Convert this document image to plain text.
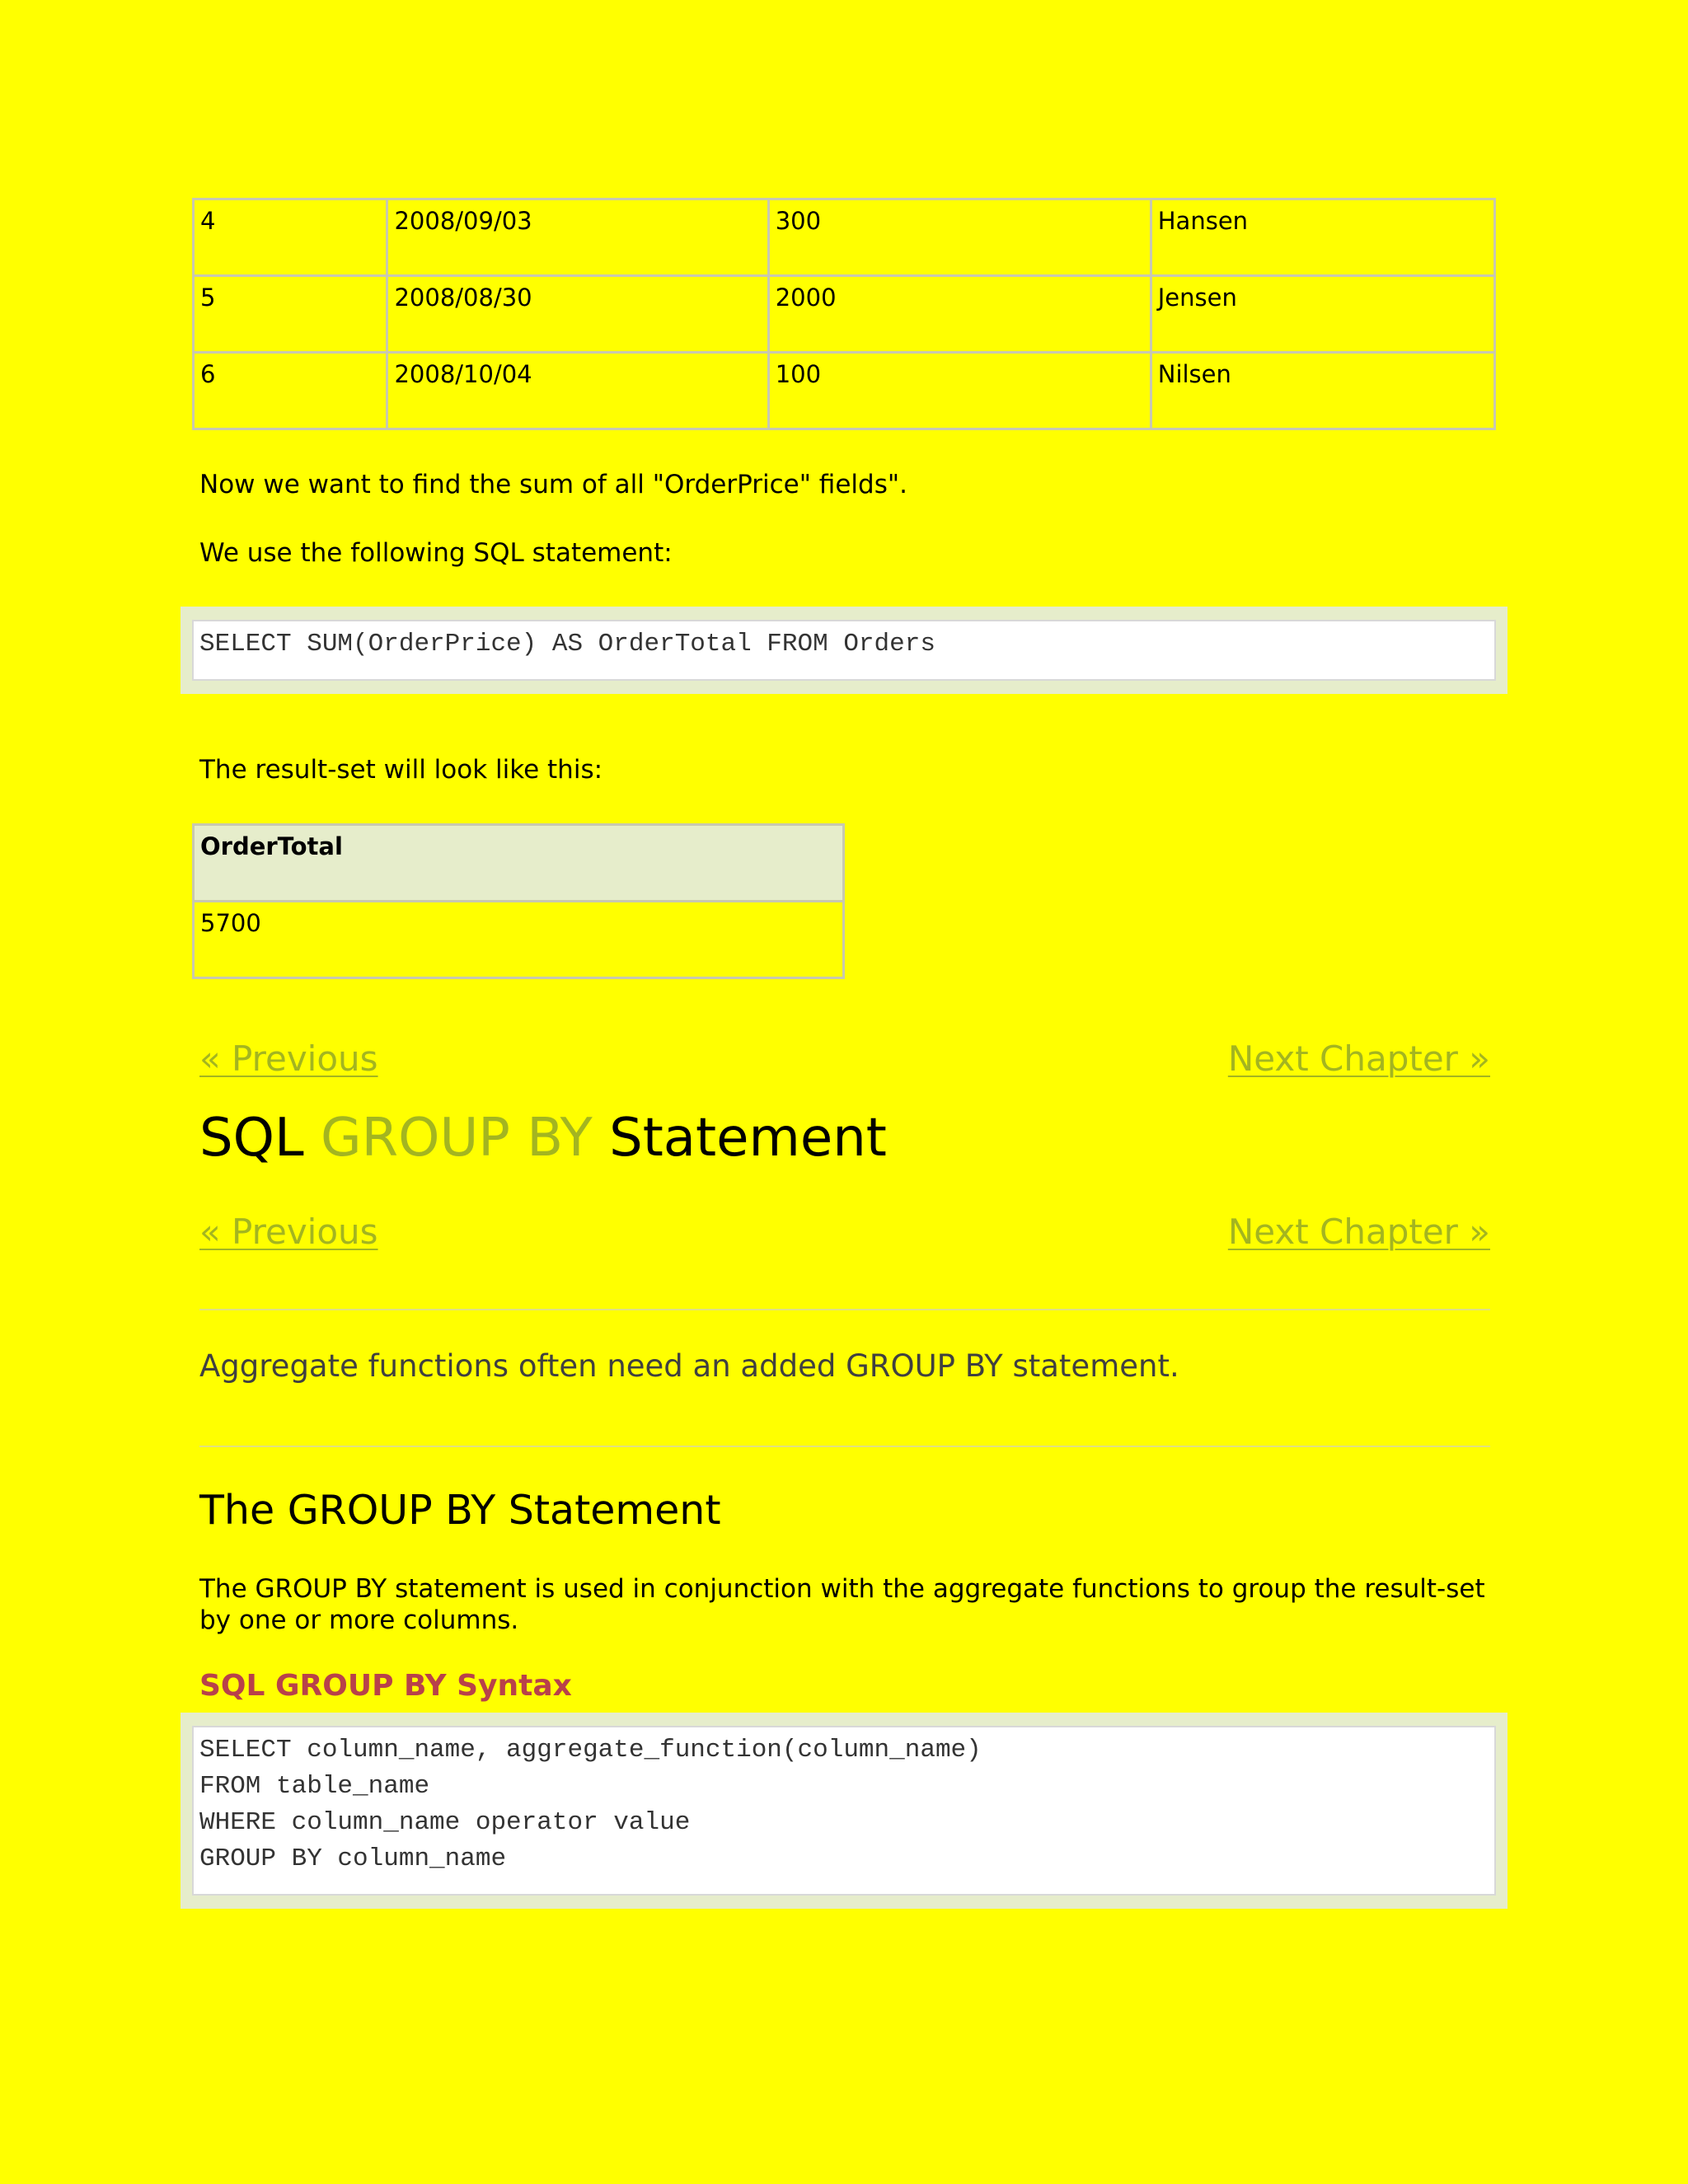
4	2008/09/03	300	Hansen
5	2008/08/30	2000	Jensen
6	2008/10/04	100	Nilsen

Now we want to find the sum of all "OrderPrice" fields".

We use the following SQL statement:

SELECT SUM(OrderPrice) AS OrderTotal FROM Orders

The result-set will look like this:

OrderTotal
5700
« Previous	Next Chapter »
SQL GROUP BY Statement
« Previous	Next Chapter »

Aggregate functions often need an added GROUP BY statement.

The GROUP BY Statement

The GROUP BY statement is used in conjunction with the aggregate functions to group the result-set by one or more columns.

SQL GROUP BY Syntax
SELECT column_name, aggregate_function(column_name)
FROM table_name
WHERE column_name operator value
GROUP BY column_name
